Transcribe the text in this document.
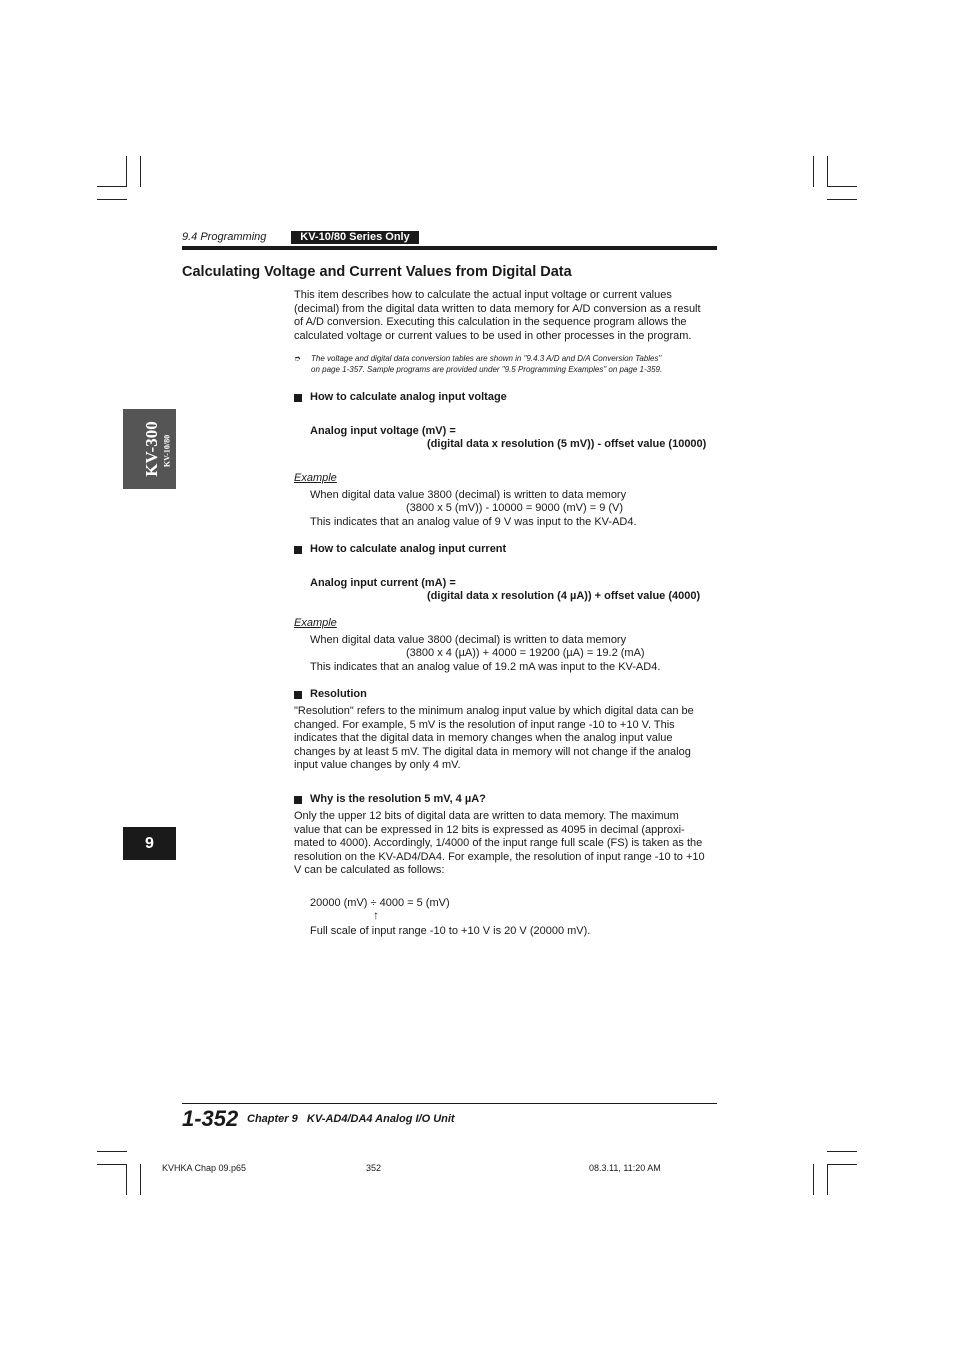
9.4 Programming	KV-10/80 Series Only
Calculating Voltage and Current Values from Digital Data
This item describes how to calculate the actual input voltage or current values
(decimal) from the digital data written to data memory for A/D conversion as a result
of A/D conversion. Executing this calculation in the sequence program allows the
calculated voltage or current values to be used in other processes in the program.
➮ The voltage and digital data conversion tables are shown in "9.4.3 A/D and D/A Conversion Tables"
on page 1-357. Sample programs are provided under "9.5 Programming Examples" on page 1-359.
How to calculate analog input voltage
Analog input voltage (mV) =
(digital data x resolution (5 mV)) - offset value (10000)
Example
When digital data value 3800 (decimal) is written to data memory
(3800 x 5 (mV)) - 10000 = 9000 (mV) = 9 (V)
This indicates that an analog value of 9 V was input to the KV-AD4.
How to calculate analog input current
Analog input current (mA) =
(digital data x resolution (4 µA)) + offset value (4000)
Example
When digital data value 3800 (decimal) is written to data memory
(3800 x 4 (µA)) + 4000 = 19200 (µA) = 19.2 (mA)
This indicates that an analog value of 19.2 mA was input to the KV-AD4.
Resolution
"Resolution" refers to the minimum analog input value by which digital data can be
changed. For example, 5 mV is the resolution of input range -10 to +10 V. This
indicates that the digital data in memory changes when the analog input value
changes by at least 5 mV. The digital data in memory will not change if the analog
input value changes by only 4 mV.
Why is the resolution 5 mV, 4 µA?
Only the upper 12 bits of digital data are written to data memory. The maximum
value that can be expressed in 12 bits is expressed as 4095 in decimal (approxi-
mated to 4000). Accordingly, 1/4000 of the input range full scale (FS) is taken as the
resolution on the KV-AD4/DA4. For example, the resolution of input range -10 to +10
V can be calculated as follows:
20000 (mV) ÷ 4000 = 5 (mV)
↑
Full scale of input range -10 to +10 V is 20 V (20000 mV).
KV-300 KV-10/80
9
1-352 Chapter 9   KV-AD4/DA4 Analog I/O Unit
KVHKA Chap 09.p65	352	08.3.11, 11:20 AM
